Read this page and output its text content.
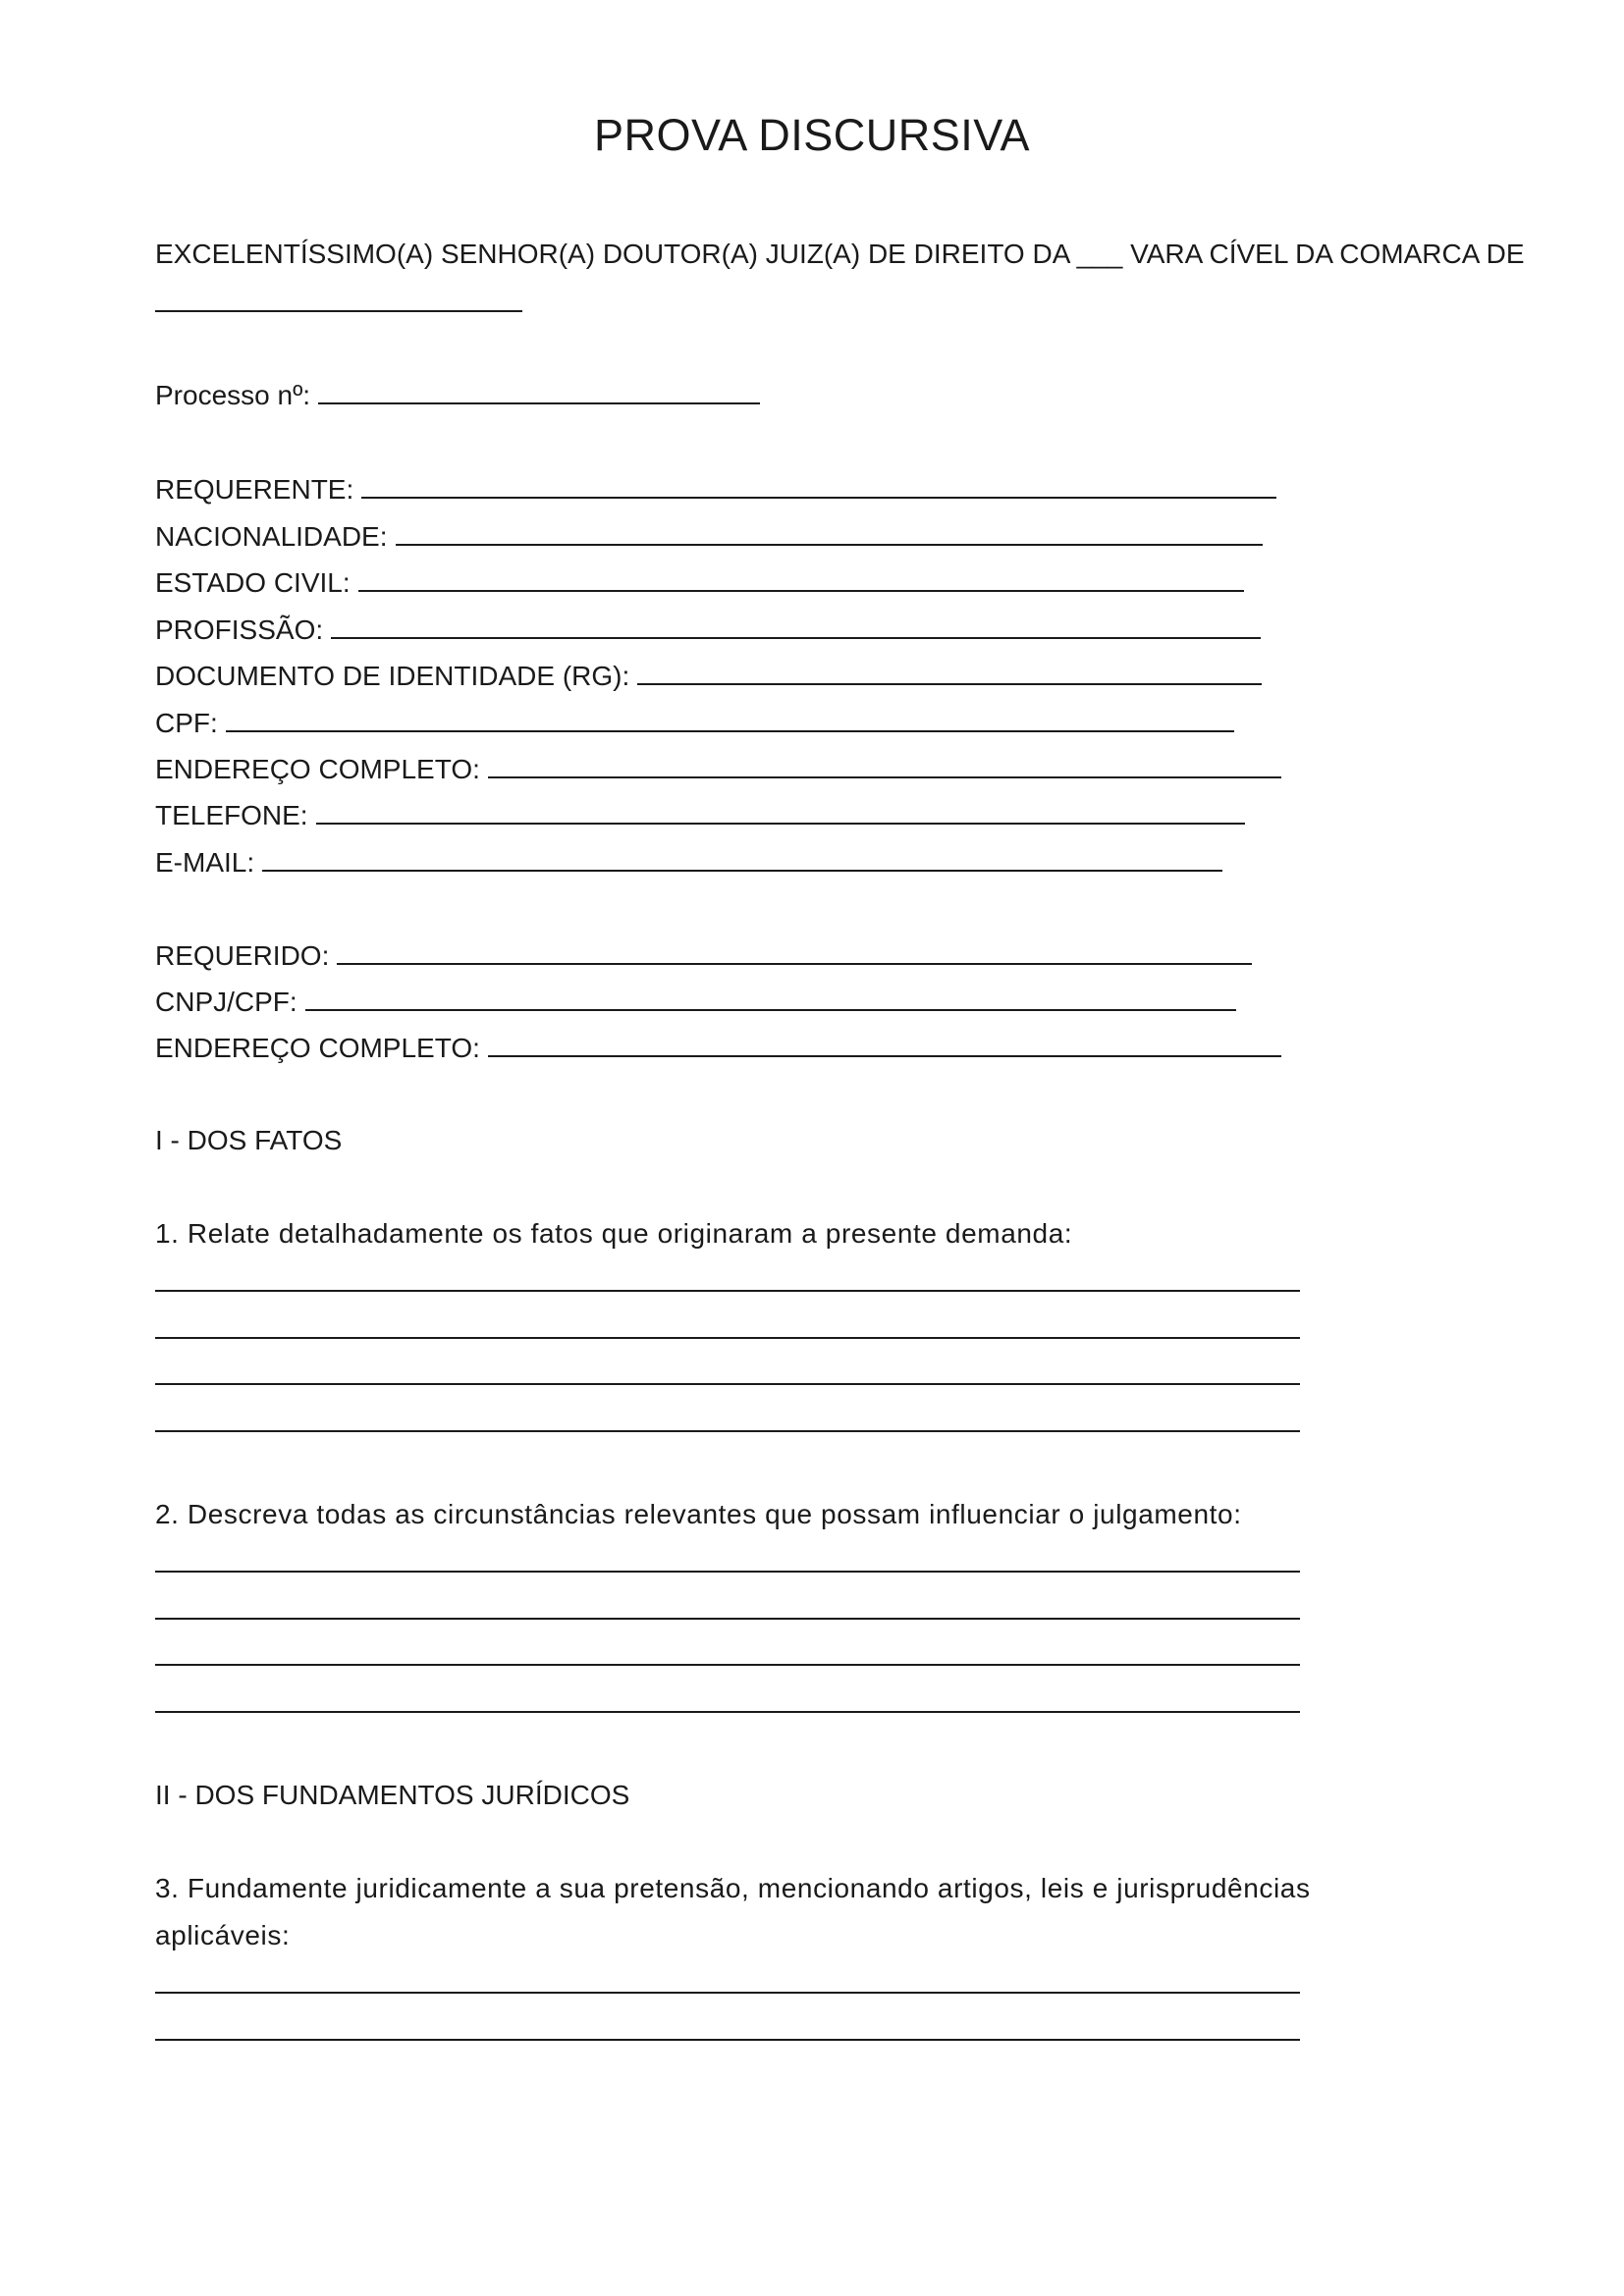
PROVA DISCURSIVA
EXCELENTÍSSIMO(A) SENHOR(A) DOUTOR(A) JUIZ(A) DE DIREITO DA ___ VARA CÍVEL DA COMARCA DE
Processo nº:
REQUERENTE:
NACIONALIDADE:
ESTADO CIVIL:
PROFISSÃO:
DOCUMENTO DE IDENTIDADE (RG):
CPF:
ENDEREÇO COMPLETO:
TELEFONE:
E-MAIL:
REQUERIDO:
CNPJ/CPF:
ENDEREÇO COMPLETO:
I - DOS FATOS
1. Relate detalhadamente os fatos que originaram a presente demanda:
2. Descreva todas as circunstâncias relevantes que possam influenciar o julgamento:
II - DOS FUNDAMENTOS JURÍDICOS
3. Fundamente juridicamente a sua pretensão, mencionando artigos, leis e jurisprudências
aplicáveis:
